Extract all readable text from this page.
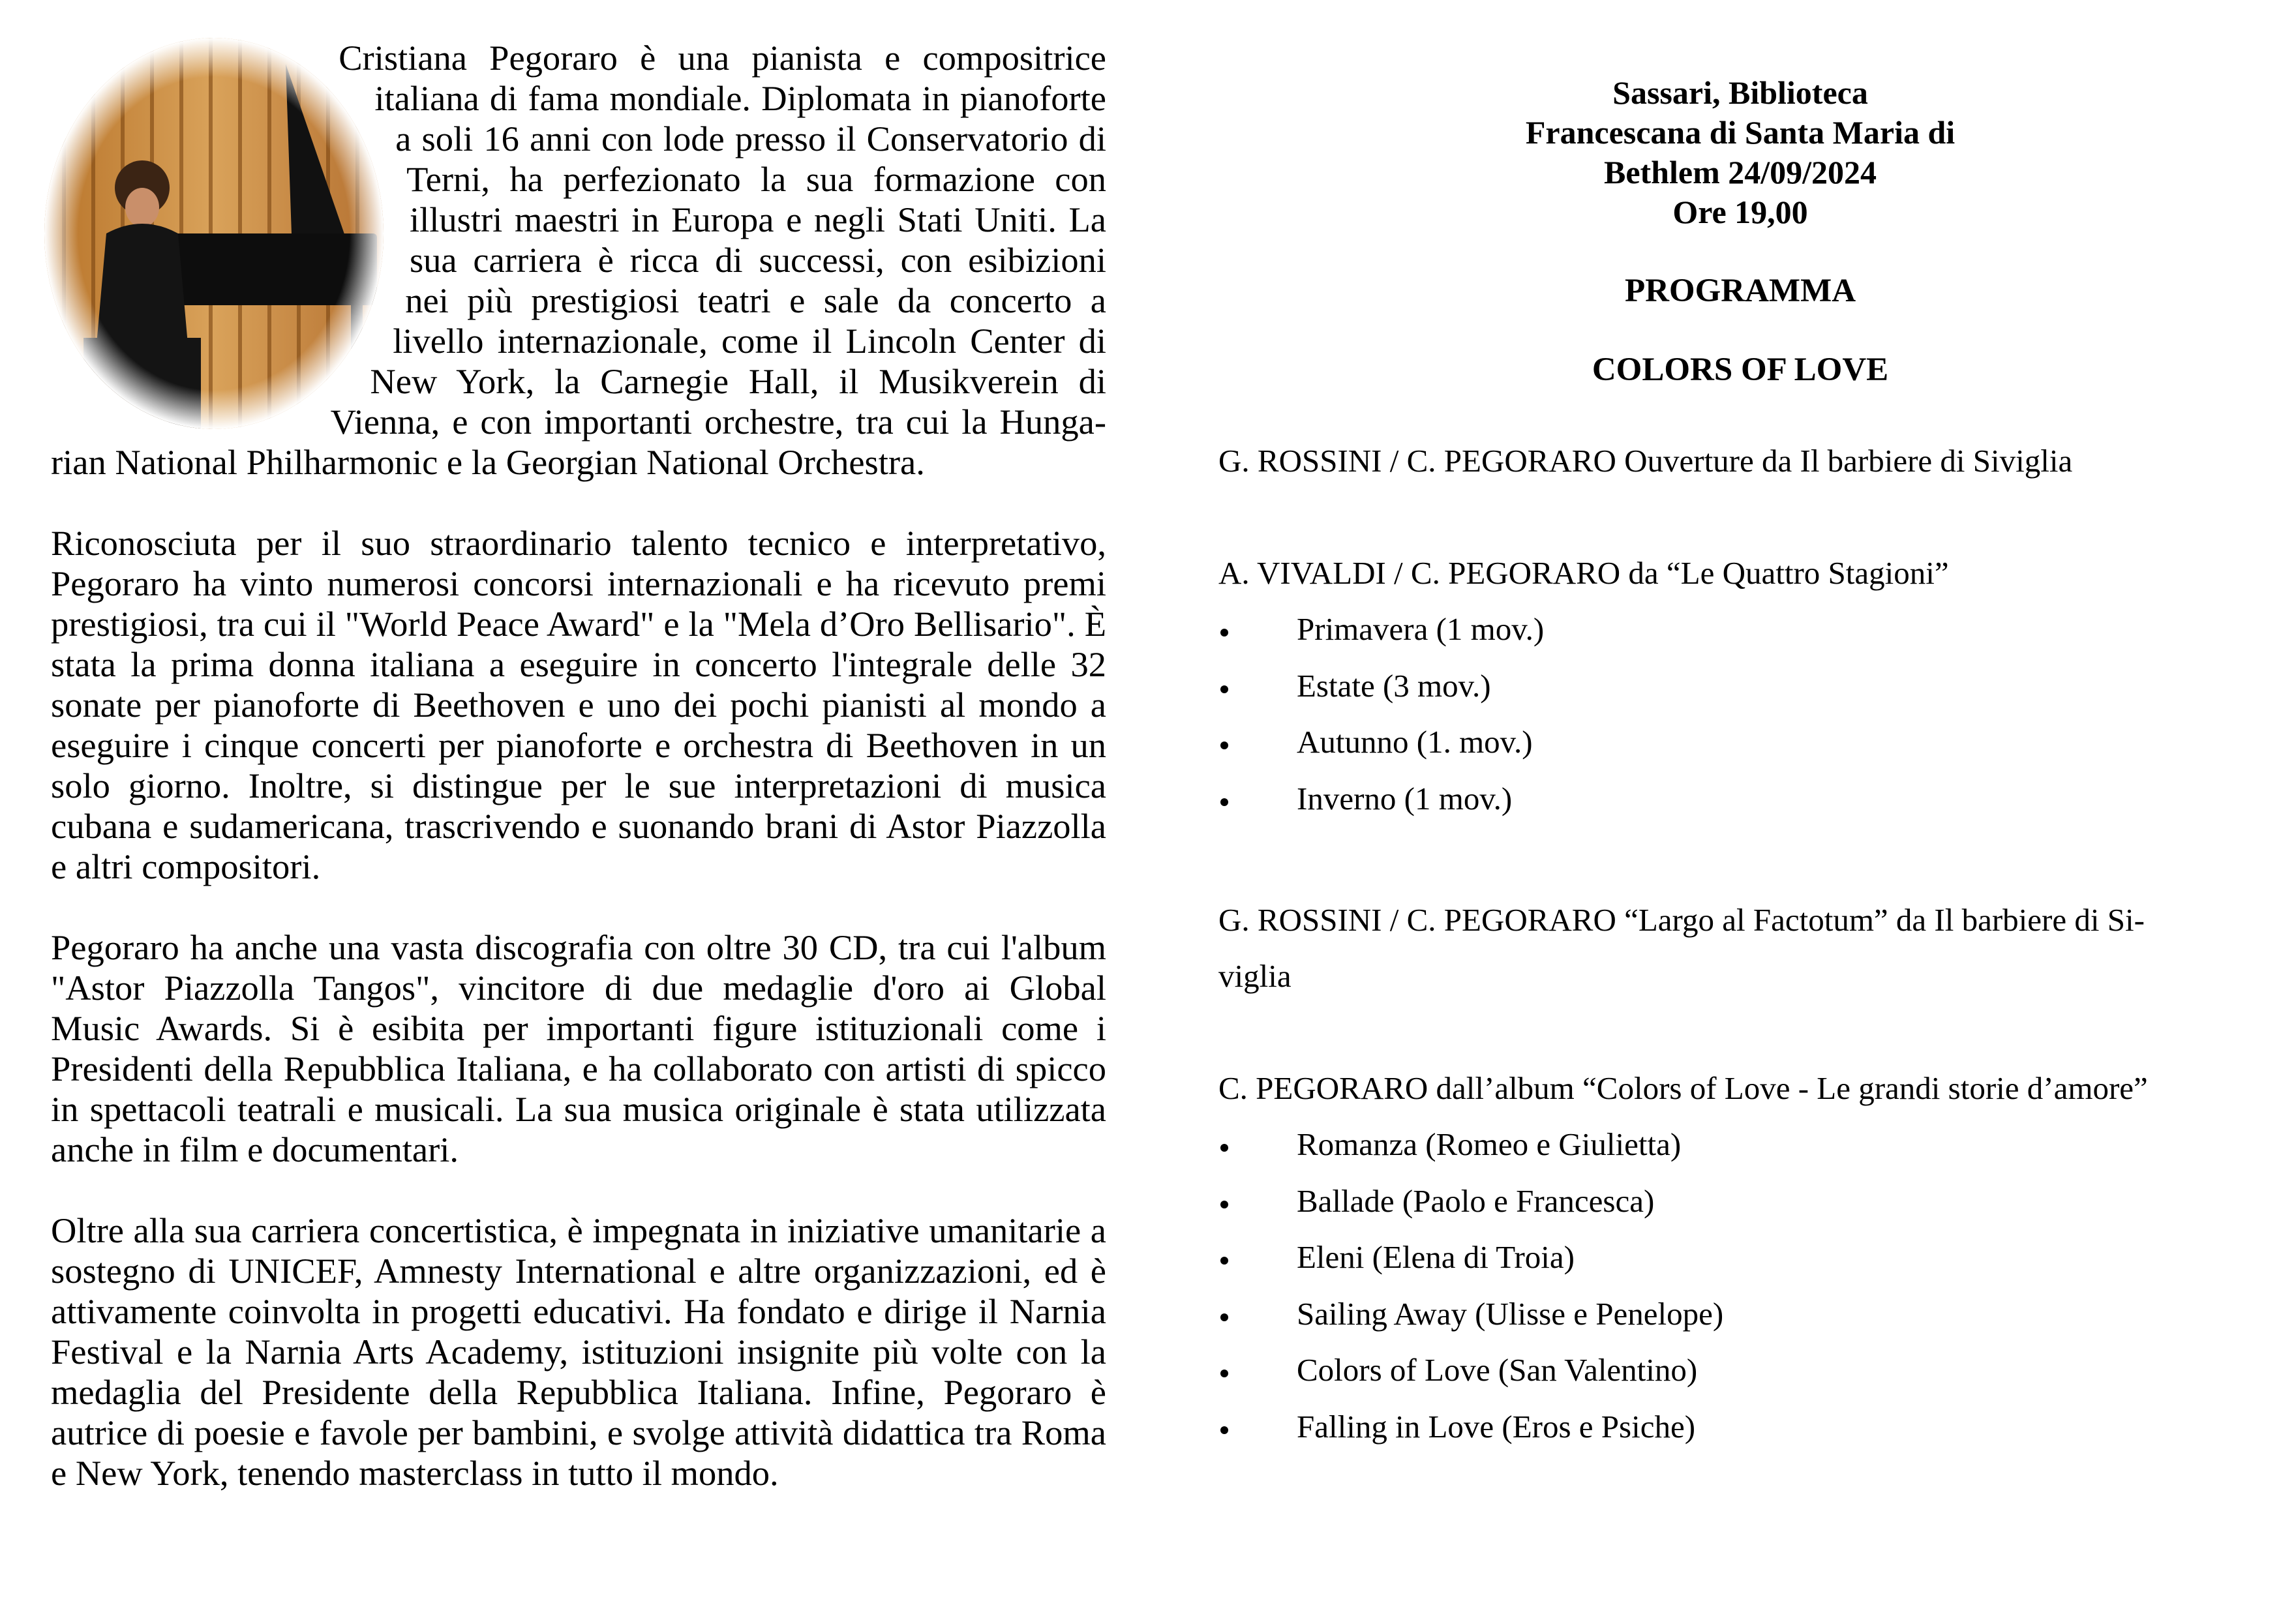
Cristiana Pegoraro è una pianista e compositrice italiana di fama mondiale. Diplomata in pianoforte a soli 16 anni con lode presso il Conservatorio di Terni, ha perfezionato la sua formazione con illustri maestri in Europa e negli Stati Uniti. La sua carriera è ricca di successi, con esibizioni nei più prestigiosi teatri e sale da concerto a livello internazionale, come il Lincoln Center di New York, la Carnegie Hall, il Musikverein di Vienna, e con importanti orchestre, tra cui la Hungarian National Philharmonic e la Georgian National Orchestra.

Riconosciuta per il suo straordinario talento tecnico e interpretativo, Pegoraro ha vinto numerosi concorsi internazionali e ha ricevuto premi prestigiosi, tra cui il "World Peace Award" e la "Mela d’Oro Bellisario". È stata la prima donna italiana a eseguire in concerto l'integrale delle 32 sonate per pianoforte di Beethoven e uno dei pochi pianisti al mondo a eseguire i cinque concerti per pianoforte e orchestra di Beethoven in un solo giorno. Inoltre, si distingue per le sue interpretazioni di musica cubana e sudamericana, trascrivendo e suonando brani di Astor Piazzolla e altri compositori.

Pegoraro ha anche una vasta discografia con oltre 30 CD, tra cui l'album "Astor Piazzolla Tangos", vincitore di due medaglie d'oro ai Global Music Awards. Si è esibita per importanti figure istituzionali come i Presidenti della Repubblica Italiana, e ha collaborato con artisti di spicco in spettacoli teatrali e musicali. La sua musica originale è stata utilizzata anche in film e documentari.

Oltre alla sua carriera concertistica, è impegnata in iniziative umanitarie a sostegno di UNICEF, Amnesty International e altre organizzazioni, ed è attivamente coinvolta in progetti educativi. Ha fondato e dirige il Narnia Festival e la Narnia Arts Academy, istituzioni insignite più volte con la medaglia del Presidente della Repubblica Italiana. Infine, Pegoraro è autrice di poesie e favole per bambini, e svolge attività didattica tra Roma e New York, tenendo masterclass in tutto il mondo.

Sassari, Biblioteca
Francescana di Santa Maria di
Bethlem 24/09/2024
Ore 19,00
PROGRAMMA
COLORS OF LOVE

G. ROSSINI / C. PEGORARO Ouverture da Il barbiere di Siviglia

A. VIVALDI / C. PEGORARO da “Le Quattro Stagioni”

Primavera (1 mov.)
Estate (3 mov.)
Autunno (1. mov.)
Inverno (1 mov.)

G. ROSSINI / C. PEGORARO “Largo al Factotum” da Il barbiere di Si-

viglia

C. PEGORARO dall’album “Colors of Love - Le grandi storie d’amore”

Romanza (Romeo e Giulietta)
Ballade (Paolo e Francesca)
Eleni (Elena di Troia)
Sailing Away (Ulisse e Penelope)
Colors of Love (San Valentino)
Falling in Love (Eros e Psiche)
